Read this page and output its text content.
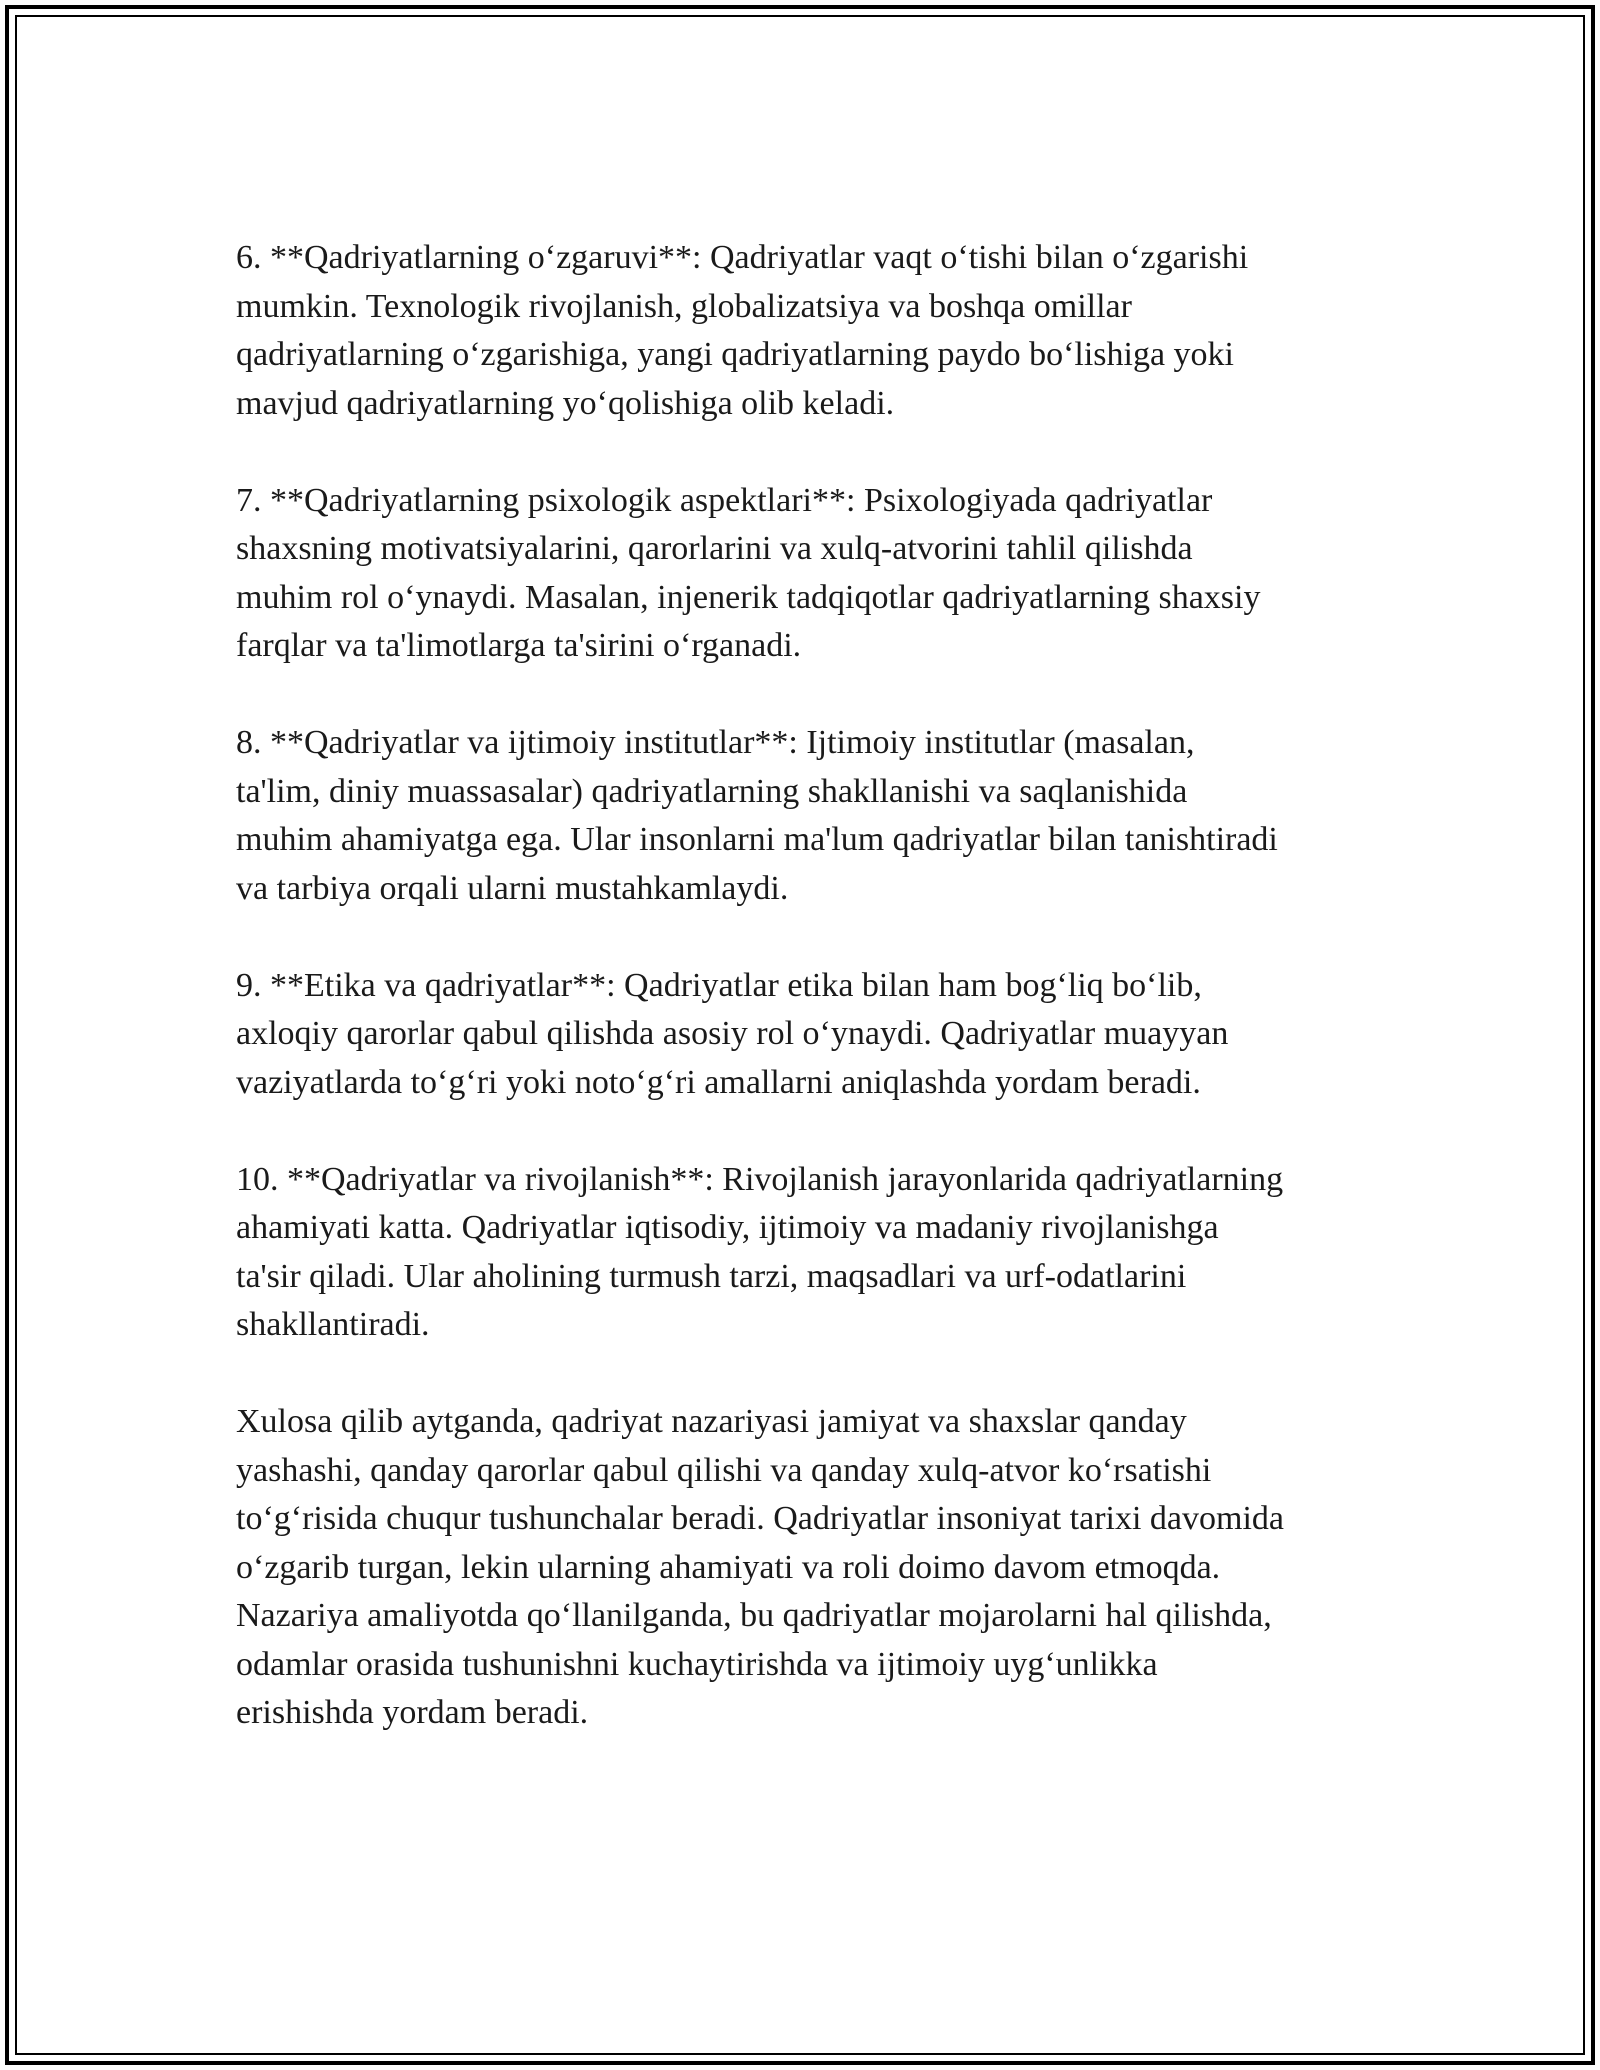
6. **Qadriyatlarning o‘zgaruvi**: Qadriyatlar vaqt o‘tishi bilan o‘zgarishi
mumkin. Texnologik rivojlanish, globalizatsiya va boshqa omillar
qadriyatlarning o‘zgarishiga, yangi qadriyatlarning paydo bo‘lishiga yoki
mavjud qadriyatlarning yo‘qolishiga olib keladi.

7. **Qadriyatlarning psixologik aspektlari**: Psixologiyada qadriyatlar
shaxsning motivatsiyalarini, qarorlarini va xulq-atvorini tahlil qilishda
muhim rol o‘ynaydi. Masalan, injenerik tadqiqotlar qadriyatlarning shaxsiy
farqlar va ta'limotlarga ta'sirini o‘rganadi.

8. **Qadriyatlar va ijtimoiy institutlar**: Ijtimoiy institutlar (masalan,
ta'lim, diniy muassasalar) qadriyatlarning shakllanishi va saqlanishida
muhim ahamiyatga ega. Ular insonlarni ma'lum qadriyatlar bilan tanishtiradi
va tarbiya orqali ularni mustahkamlaydi.

9. **Etika va qadriyatlar**: Qadriyatlar etika bilan ham bog‘liq bo‘lib,
axloqiy qarorlar qabul qilishda asosiy rol o‘ynaydi. Qadriyatlar muayyan
vaziyatlarda to‘g‘ri yoki noto‘g‘ri amallarni aniqlashda yordam beradi.

10. **Qadriyatlar va rivojlanish**: Rivojlanish jarayonlarida qadriyatlarning
ahamiyati katta. Qadriyatlar iqtisodiy, ijtimoiy va madaniy rivojlanishga
ta'sir qiladi. Ular aholining turmush tarzi, maqsadlari va urf-odatlarini
shakllantiradi.

Xulosa qilib aytganda, qadriyat nazariyasi jamiyat va shaxslar qanday
yashashi, qanday qarorlar qabul qilishi va qanday xulq-atvor ko‘rsatishi
to‘g‘risida chuqur tushunchalar beradi. Qadriyatlar insoniyat tarixi davomida
o‘zgarib turgan, lekin ularning ahamiyati va roli doimo davom etmoqda.
Nazariya amaliyotda qo‘llanilganda, bu qadriyatlar mojarolarni hal qilishda,
odamlar orasida tushunishni kuchaytirishda va ijtimoiy uyg‘unlikka
erishishda yordam beradi.
